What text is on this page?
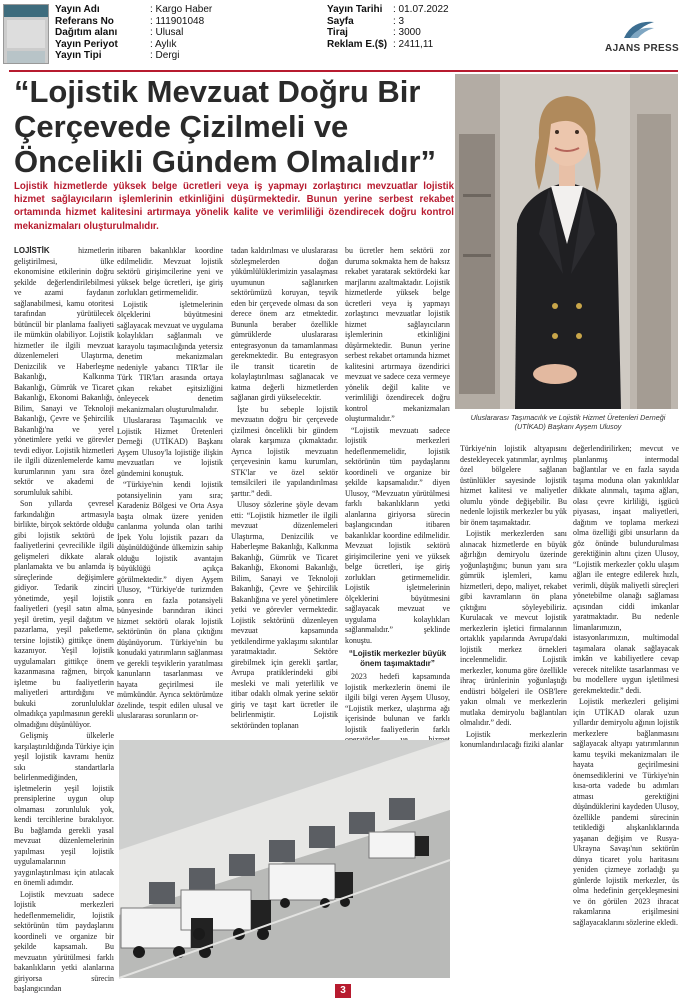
Yayın Adı	: Kargo Haber
Referans No	: 111901048
Dağıtım alanı	: Ulusal
Yayın Periyot	: Aylık
Yayın Tipi	: Dergi
Yayın Tarihi : 01.07.2022
Sayfa	: 3
Tiraj	: 3000
Reklam E.($) : 2411,11	AJANS PRESS
“Lojistik Mevzuat Doğru Bir Çerçevede Çizilmeli ve Öncelikli Gündem Olmalıdır”
Lojistik hizmetlerde yüksek belge ücretleri veya iş yapmayı zorlaştırıcı mevzuatlar lojistik hizmet sağlayıcıların işlemlerinin etkinliğini düşürmektedir. Bunun yerine serbest rekabet ortamında hizmet kalitesini artırmaya yönelik kalite ve verimliliği özendirecek doğru kontrol mekanizmaları oluşturulmalıdır.
Uluslararası Taşımacılık ve Lojistik Hizmet Üretenleri Derneği (UTİKAD) Başkanı Ayşem Ulusoy

LOJİSTİK hizmetlerin geliştirilmesi, ülke ekonomisine etkilerinin doğru şekilde değerlendirilebilmesi ve azami faydanın sağlanabilmesi, kamu otoritesi tarafından yürütülecek bütüncül bir planlama faaliyeti ile mümkün olabiliyor. Lojistik hizmetler ile ilgili mevzuat düzenlemeleri Ulaştırma, Denizcilik ve Haberleşme Bakanlığı, Kalkınma Bakanlığı, Gümrük ve Ticaret Bakanlığı, Ekonomi Bakanlığı, Bilim, Sanayi ve Teknoloji Bakanlığı, Çevre ve Şehircilik Bakanlığı'na ve yerel yönetimlere yetki ve görevler tevdi ediyor. Lojistik hizmetleri ile ilgili düzenlemelerde kamu kurumlarının yanı sıra özel sektör ve akademi de sorumluluk sahibi.

Son yıllarda çevresel farkındalığın artmasıyla birlikte, birçok sektörde olduğu gibi lojistik sektörü de faaliyetlerini çevrecilikle ilgili gelişmeleri dikkate alarak planlamakta ve bu anlamda iş süreçlerinde değişimlere gidiyor. Tedarik zinciri yönetimde, yeşil lojistik faaliyetleri (yeşil satın alma, yeşil üretim, yeşil dağıtım ve pazarlama, yeşil paketleme, tersine lojistik) gittikçe önem kazanıyor. Yeşil lojistik uygulamaları gittikçe önem kazanmasına rağmen, birçok işletme bu faaliyetlerin maliyetleri arttırdığını ve bukuki zorunluluklar olmadıkça yapılmasının gerekli olmadığını düşünülüyor.

Gelişmiş ülkelerle karşılaştırıldığında Türkiye için yeşil lojistik kavramı henüz sıkı standartlarla belirlenmediğinden, işletmelerin yeşil lojistik prensiplerine uygun olup olmaması zorunluluk yok, kendi tercihlerine bırakılıyor. Bu bağlamda gerekli yasal mevzuat düzenlemelerinin yapılması yeşil lojistik uygulamalarının yaygınlaştırılması için atılacak en önemli adımdır.

Lojistik mevzuatı sadece lojistik merkezleri hedeflenmemelidir, lojistik sektörünün tüm paydaşlarını koordineli ve organize bir şekilde kapsamalı. Bu mevzuatın yürütülmesi farklı bakanlıkların yetki alanlarına giriyorsa sürecin başlangıcından

itibaren bakanlıklar koordine edilmelidir. Mevzuat lojistik sektörü girişimcilerine yeni ve yüksek belge ücretleri, işe giriş zorlukları getirmemelidir.

Lojistik işletmelerinin ölçeklerini büyütmesini sağlayacak mevzuat ve uygulama kolaylıkları sağlanmalı ve karayolu taşımacılığında yetersiz denetim mekanizmaları nedeniyle yabancı TIR'lar ile Türk TIR'ları arasında ortaya çıkan rekabet eşitsizliğini önleyecek denetim mekanizmaları oluşturulmalıdır.

Uluslararası Taşımacılık ve Lojistik Hizmet Üretenleri Derneği (UTİKAD) Başkanı Ayşem Ulusoy'la lojistiğe ilişkin mevzuatları ve lojistik gündemini konuştuk.

“Türkiye'nin kendi lojistik potansiyelinin yanı sıra; Karadeniz Bölgesi ve Orta Asya başta olmak üzere yeniden canlanma yolunda olan tarihi İpek Yolu lojistik pazarı da düşünüldüğünde ülkemizin sahip olduğu lojistik avantajın büyüklüğü açıkça görülmektedir.” diyen Ayşem Ulusoy, “Türkiye'de turizmden sonra en fazla potansiyeli bünyesinde barındıran ikinci hizmet sektörü olarak lojistik sektörünün ön plana çıktığını düşünüyorum. Türkiye'nin bu konudaki yatırımların sağlanması ve gerekli teşviklerin yaratılması kanunların tasarlanması ve hayata geçirilmesi ile mümkündür. Ayrıca sektörümüze özelinde, tespit edilen ulusal ve uluslararası sorunların or-

tadan kaldırılması ve uluslararası sözleşmelerden doğan yükümlülüklerimizin yasalaşması uyumunun sağlanırken sektörümüzü koruyan, teşvik eden bir çerçevede olması da son derece önem arz etmektedir. Bununla beraber özellikle gümrüklerde uluslararası entegrasyonun da tamamlanması gerekmektedir. Bu entegrasyon ile transit ticaretin de kolaylaştırılması sağlanacak ve katma değerli hizmetlerden sağlanan girdi yükselecektir.

İşte bu sebeple lojistik mevzuatın doğru bir çerçevede çizilmesi öncelikli bir gündem olarak karşımıza çıkmaktadır. Ayrıca lojistik mevzuatın çerçevesinin kamu kurumları, STK'lar ve özel sektör temsilcileri ile yapılandırılması şarttır.” dedi.

Ulusoy sözlerine şöyle devam etti: “Lojistik hizmetler ile ilgili mevzuat düzenlemeleri Ulaştırma, Denizcilik ve Haberleşme Bakanlığı, Kalkınma Bakanlığı, Gümrük ve Ticaret Bakanlığı, Ekonomi Bakanlığı, Bilim, Sanayi ve Teknoloji Bakanlığı, Çevre ve Şehircilik Bakanlığına ve yerel yönetimlere yetki ve görevler vermektedir. Lojistik sektörünü düzenleyen mevzuat kapsamında yetkilendirme yaklaşımı sıkıntılar yaratmaktadır. Sektöre girebilmek için gerekli şartlar, Avrupa pratiklerindeki gibi mesleki ve mali yeterlilik ve itibar odaklı olmak yerine sektör giriş ve taşıt kart ücretler ile belirlenmiştir. Lojistik sektöründen toplanan

bu ücretler hem sektörü zor duruma sokmakta hem de haksız rekabet yaratarak sektördeki kar marjlarını azaltmaktadır. Lojistik hizmetlerde yüksek belge ücretleri veya iş yapmayı zorlaştırıcı mevzuatlar lojistik hizmet sağlayıcıların işlemlerinin etkinliğini düşürmektedir. Bunun yerine serbest rekabet ortamında hizmet kalitesini artırmaya özendirici mevzuat ve sadece ceza vermeye yönelik değil kalite ve verimliliği özendirecek doğru kontrol mekanizmaları oluşturmalıdır.”

“Lojistik mevzuatı sadece lojistik merkezleri hedeflenmemelidir, lojistik sektörünün tüm paydaşlarını koordineli ve organize bir şekilde kapsamalıdır.” diyen Ulusoy, “Mevzuatın yürütülmesi farklı bakanlıkların yetki alanlarına giriyorsa sürecin başlangıcından itibaren bakanlıklar koordine edilmelidir. Mevzuat lojistik sektörü girişimcilerine yeni ve yüksek belge ücretleri, işe giriş zorlukları getirmemelidir. Lojistik işletmelerinin ölçeklerini büyütmesini sağlayacak mevzuat ve uygulama kolaylıkları sağlanmalıdır.” şeklinde konuştu.

“Lojistik merkezler büyük önem taşımaktadır”

2023 hedefi kapsamında lojistik merkezlerin önemi ile ilgili bilgi veren Ayşem Ulusoy, “Lojistik merkez, ulaştırma ağı içerisinde bulunan ve farklı lojistik faaliyetlerin farklı

Türkiye'nin lojistik altyapısını destekleyecek yatırımlar, ayrılmış özel bölgelere sağlanan üstünlükler sayesinde lojistik hizmet kalitesi ve maliyetler olumlu yönde değişebilir. Bu nedenle lojistik merkezler bu yük bir önem taşımaktadır.

Lojistik merkezlerden sanı alınacak hizmetlerde en büyük ağırlığın demiryolu üzerinde yoğunlaştığını; bunun yanı sıra gümrük işlemleri, kamu hizmetleri, depo, maliyet, rekabet gibi kavramların ön plana çıktığını söyleyebiliriz. Kurulacak ve mevcut lojistik merkezlerin işletici firmalarının ortaklık yapılarında Avrupa'daki lojistik merkez örnekleri incelenmelidir. Lojistik merkezler, konuma göre özellikle ihraç ürünlerinin yoğunlaştığı endüstri bölgeleri ile OSB'lere yakın olmalı ve merkezlerin mutlaka demiryolu bağlantıları olmalıdır.” dedi.

Lojistik merkezlerin konumlandırılacağı fiziki alanlar

değerlendirilirken; mevcut ve planlanmış intermodal bağlantılar ve en fazla sayıda taşıma moduna olan yakınlıklar dikkate alınmalı, taşıma ağları, olası çevre kirliliği, işgücü piyasası, inşaat maliyetleri, dağıtım ve toplama merkezi olma özelliği gibi unsurların da göz önünde bulundurulması gerektiğinin altını çizen Ulusoy, “Lojistik merkezler çoklu ulaşım ağları ile entegre edilerek hızlı, verimli, düşük maliyetli süreçleri yönetebilme olanağı sağlaması açısından ciddi imkanlar yaratmaktadır. Bu nedenle limanlarımızın, istasyonlarımızın, multimodal taşımalara olanak sağlayacak imkân ve kabiliyetlere cevap verecek nitelikte tasarlanması ve bu modellere uygun işletilmesi gerekmektedir.” dedi.

Lojistik merkezleri gelişimi için UTİKAD olarak uzun yıllardır demiryolu ağının lojistik merkezlere bağlanmasını sağlayacak altyapı yatırımlarının kamu teşviki mekanizmaları ile hayata geçirilmesini önemsediklerini ve Türkiye'nin kısa-orta vadede bu adımları atması gerektiğini düşündüklerini kaydeden Ulusoy, özellikle pandemi sürecinin tetiklediği alışkanlıklarında yaşanan değişim ve Rusya-Ukrayna Savaşı'nın sektörün dünya ticaret yolu haritasını yeniden çizmeye zorladığı şu günlerde lojistik merkezler, üs olma hedefinin gerçekleşmesini ve ön görülen 2023 ihracat rakamlarına erişilmesini sağlayacaklarını sözlerine ekledi.

3
